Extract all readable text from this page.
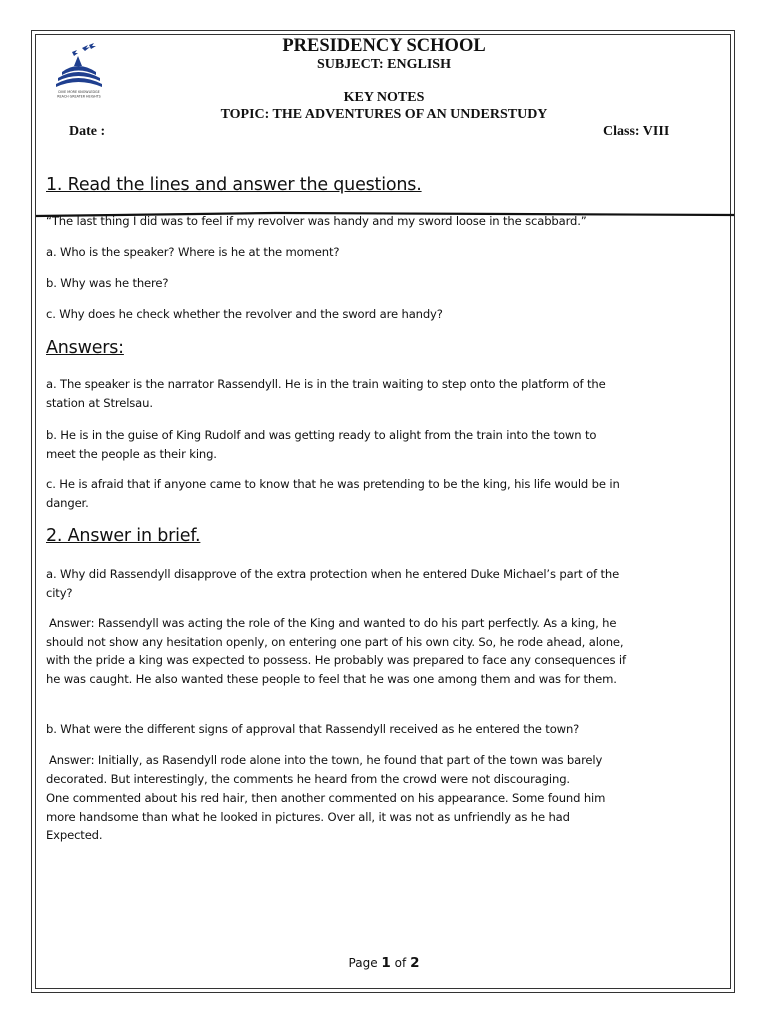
DIVE MORE KNOWLEDGE
REACH GREATER HEIGHTS
PRESIDENCY SCHOOL
SUBJECT: ENGLISH
KEY NOTES
TOPIC: THE ADVENTURES OF AN UNDERSTUDY
Date :	Class: VIII
1. Read the lines and answer the questions.
“The last thing I did was to feel if my revolver was handy and my sword loose in the scabbard.”
a. Who is the speaker? Where is he at the moment?
b. Why was he there?
c. Why does he check whether the revolver and the sword are handy?
Answers:
a. The speaker is the narrator Rassendyll. He is in the train waiting to step onto the platform of the station at Strelsau.
b. He is in the guise of King Rudolf and was getting ready to alight from the train into the town to meet the people as their king.
c. He is afraid that if anyone came to know that he was pretending to be the king, his life would be in danger.
2. Answer in brief.
a. Why did Rassendyll disapprove of the extra protection when he entered Duke Michael’s part of the city?
Answer: Rassendyll was acting the role of the King and wanted to do his part perfectly. As a king, he should not show any hesitation openly, on entering one part of his own city. So, he rode ahead, alone, with the pride a king was expected to possess. He probably was prepared to face any consequences if he was caught. He also wanted these people to feel that he was one among them and was for them.
b. What were the different signs of approval that Rassendyll received as he entered the town?
Answer: Initially, as Rasendyll rode alone into the town, he found that part of the town was barely decorated. But interestingly, the comments he heard from the crowd were not discouraging.
One commented about his red hair, then another commented on his appearance. Some found him more handsome than what he looked in pictures. Over all, it was not as unfriendly as he had Expected.
Page 1 of 2
